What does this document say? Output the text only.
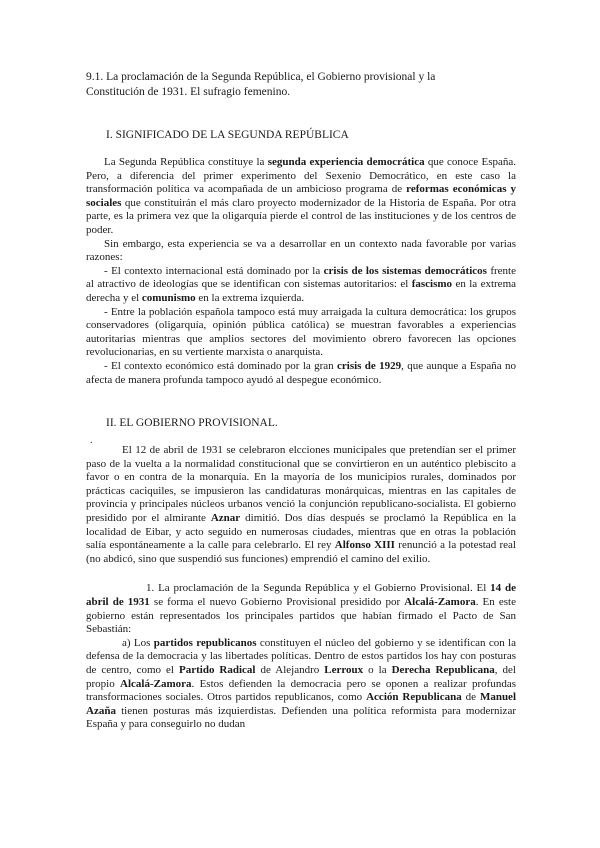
9.1. La proclamación de la Segunda República, el Gobierno provisional y la Constitución de 1931. El sufragio femenino.
I. SIGNIFICADO DE LA SEGUNDA REPÚBLICA

La Segunda República constituye la segunda experiencia democrática que conoce España. Pero, a diferencia del primer experimento del Sexenio Democrático, en este caso la transformación política va acompañada de un ambicioso programa de reformas económicas y sociales que constituirán el más claro proyecto modernizador de la Historia de España. Por otra parte, es la primera vez que la oligarquía pierde el control de las instituciones y de los centros de poder.

Sin embargo, esta experiencia se va a desarrollar en un contexto nada favorable por varias razones:

- El contexto internacional está dominado por la crisis de los sistemas democráticos frente al atractivo de ideologías que se identifican con sistemas autoritarios: el fascismo en la extrema derecha y el comunismo en la extrema izquierda.

- Entre la población española tampoco está muy arraigada la cultura democrática: los grupos conservadores (oligarquía, opinión pública católica) se muestran favorables a experiencias autoritarias mientras que amplios sectores del movimiento obrero favorecen las opciones revolucionarias, en su vertiente marxista o anarquista.

- El contexto económico está dominado por la gran crisis de 1929, que aunque a España no afecta de manera profunda tampoco ayudó al despegue económico.

II. EL GOBIERNO PROVISIONAL.
.

El 12 de abril de 1931 se celebraron elcciones municipales que pretendían ser el primer paso de la vuelta a la normalidad constitucional que se convirtieron en un auténtico plebiscito a favor o en contra de la monarquía. En la mayoría de los municipios rurales, dominados por prácticas caciquiles, se impusieron las candidaturas monárquicas, mientras en las capitales de provincia y principales núcleos urbanos venció la conjunción republicano-socialista. El gobierno presidido por el almirante Aznar dimitió. Dos días después se proclamó la República en la localidad de Eibar, y acto seguido en numerosas ciudades, mientras que en otras la población salía espontáneamente a la calle para celebrarlo. El rey Alfonso XIII renunció a la potestad real (no abdicó, sino que suspendió sus funciones) emprendió el camino del exilio.

1. La proclamación de la Segunda República y el Gobierno Provisional. El 14 de abril de 1931 se forma el nuevo Gobierno Provisional presidido por Alcalá-Zamora. En este gobierno están representados los principales partidos que habían firmado el Pacto de San Sebastián:

a) Los partidos republicanos constituyen el núcleo del gobierno y se identifican con la defensa de la democracia y las libertades políticas. Dentro de estos partidos los hay con posturas de centro, como el Partido Radical de Alejandro Lerroux o la Derecha Republicana, del propio Alcalá-Zamora. Estos defienden la democracia pero se oponen a realizar profundas transformaciones sociales. Otros partidos republicanos, como Acción Republicana de Manuel Azaña tienen posturas más izquierdistas. Defienden una política reformista para modernizar España y para conseguirlo no dudan
